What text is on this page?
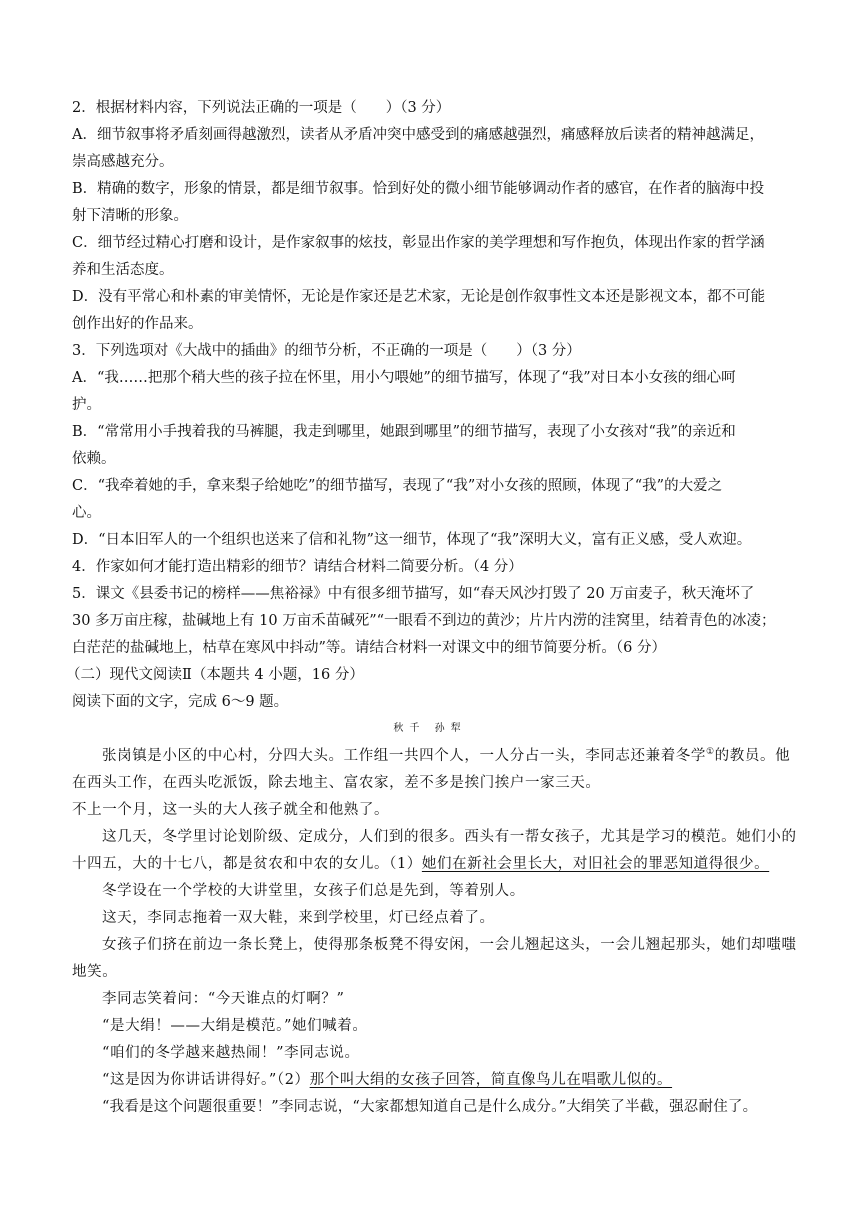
2．根据材料内容，下列说法正确的一项是（　　）（3 分）
A．细节叙事将矛盾刻画得越激烈，读者从矛盾冲突中感受到的痛感越强烈，痛感释放后读者的精神越满足，
崇高感越充分。
B．精确的数字，形象的情景，都是细节叙事。恰到好处的微小细节能够调动作者的感官，在作者的脑海中投
射下清晰的形象。
C．细节经过精心打磨和设计，是作家叙事的炫技，彰显出作家的美学理想和写作抱负，体现出作家的哲学涵
养和生活态度。
D．没有平常心和朴素的审美情怀，无论是作家还是艺术家，无论是创作叙事性文本还是影视文本，都不可能
创作出好的作品来。
3．下列选项对《大战中的插曲》的细节分析，不正确的一项是（　　）（3 分）
A．“我……把那个稍大些的孩子拉在怀里，用小勺喂她”的细节描写，体现了“我”对日本小女孩的细心呵
护。
B．“常常用小手拽着我的马裤腿，我走到哪里，她跟到哪里”的细节描写，表现了小女孩对“我”的亲近和
依赖。
C．“我牵着她的手，拿来梨子给她吃”的细节描写，表现了“我”对小女孩的照顾，体现了“我”的大爱之
心。
D．“日本旧军人的一个组织也送来了信和礼物”这一细节，体现了“我”深明大义，富有正义感，受人欢迎。
4．作家如何才能打造出精彩的细节？请结合材料二简要分析。（4 分）
5．课文《县委书记的榜样——焦裕禄》中有很多细节描写，如“春天风沙打毁了 20 万亩麦子，秋天淹坏了
30 多万亩庄稼，盐碱地上有 10 万亩禾苗碱死”“一眼看不到边的黄沙；片片内涝的洼窝里，结着青色的冰凌；
白茫茫的盐碱地上，枯草在寒风中抖动”等。请结合材料一对课文中的细节简要分析。（6 分）
（二）现代文阅读Ⅱ（本题共 4 小题，16 分）
阅读下面的文字，完成 6～9 题。
秋千 孙犁
张岗镇是小区的中心村，分四大头。工作组一共四个人，一人分占一头，李同志还兼着冬学①的教员。他
在西头工作，在西头吃派饭，除去地主、富农家，差不多是挨门挨户一家三天。
不上一个月，这一头的大人孩子就全和他熟了。
这几天，冬学里讨论划阶级、定成分，人们到的很多。西头有一帮女孩子，尤其是学习的模范。她们小的
十四五，大的十七八，都是贫农和中农的女儿。（1）她们在新社会里长大，对旧社会的罪恶知道得很少。
冬学设在一个学校的大讲堂里，女孩子们总是先到，等着别人。
这天，李同志拖着一双大鞋，来到学校里，灯已经点着了。
女孩子们挤在前边一条长凳上，使得那条板凳不得安闲，一会儿翘起这头，一会儿翘起那头，她们却嗤嗤
地笑。
李同志笑着问：“今天谁点的灯啊？”
“是大绢！——大绢是模范。”她们喊着。
“咱们的冬学越来越热闹！”李同志说。
“这是因为你讲话讲得好。”（2）那个叫大绢的女孩子回答，简直像鸟儿在唱歌儿似的。
“我看是这个问题很重要！”李同志说，“大家都想知道自己是什么成分。”大绢笑了半截，强忍耐住了。
